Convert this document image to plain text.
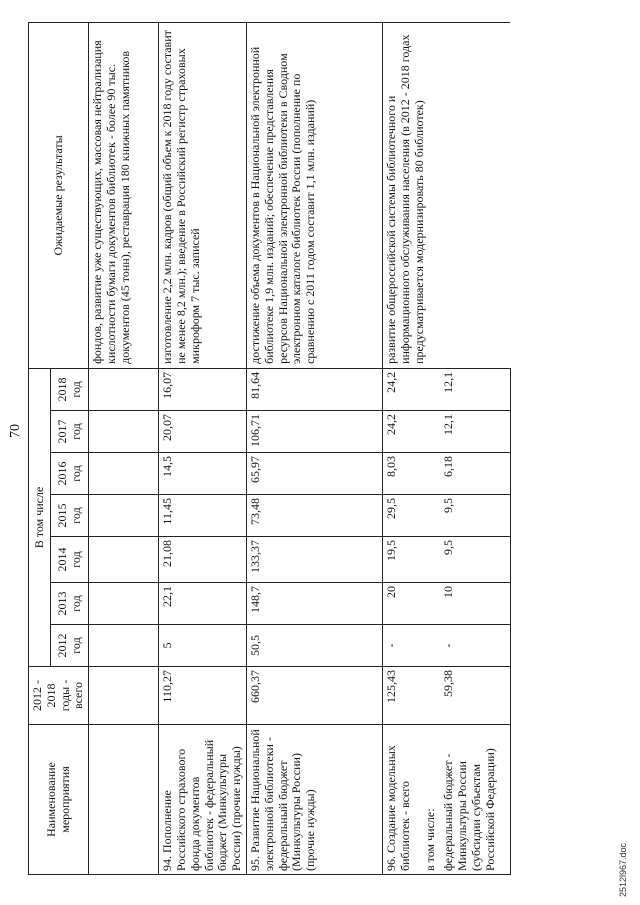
70
Наименование мероприятия	2012 - 2018 годы - всего	В том числе							Ожидаемые результаты
		2012 год	2013 год	2014 год	2015 год	2016 год	2017 год	2018 год	
									фондов, развитие уже существующих, массовая нейтрализация кислотности бумаги документов библиотек - более 90 тыс. документов (45 тонн), реставрация 180 книжных памятников
94. Пополнение Российского страхового фонда документов библиотек - федеральный бюджет (Минкультуры России) (прочие нужды)	110,27	5	22,1	21,08	11,45	14,5	20,07	16,07	изготовление 2,2 млн. кадров (общий объем к 2018 году составит не менее 8,2 млн.); введение в Российский регистр страховых микроформ 7 тыс. записей
95. Развитие Национальной электронной библиотеки - федеральный бюджет (Минкультуры России) (прочие нужды)	660,37	50,5	148,7	133,37	73,48	65,97	106,71	81,64	достижение объема документов в Национальной электронной библиотеке 1,9 млн. изданий; обеспечение представления ресурсов Национальной электронной библиотеки в Сводном электронном каталоге библиотек России (пополнение по сравнению с 2011 годом составит 1,1 млн. изданий)
96. Создание модельных библиотек - всего	125,43	-	20	19,5	29,5	8,03	24,2	24,2	развитие общероссийской системы библиотечного и информационного обслуживания населения (в 2012 - 2018 годах предусматривается модернизировать 80 библиотек)
в том числе:									
федеральный бюджет - Минкультуры России (субсидии субъектам Российской Федерации)	59,38	-	10	9,5	9,5	6,18	12,1	12,1	
2512l967.doc
